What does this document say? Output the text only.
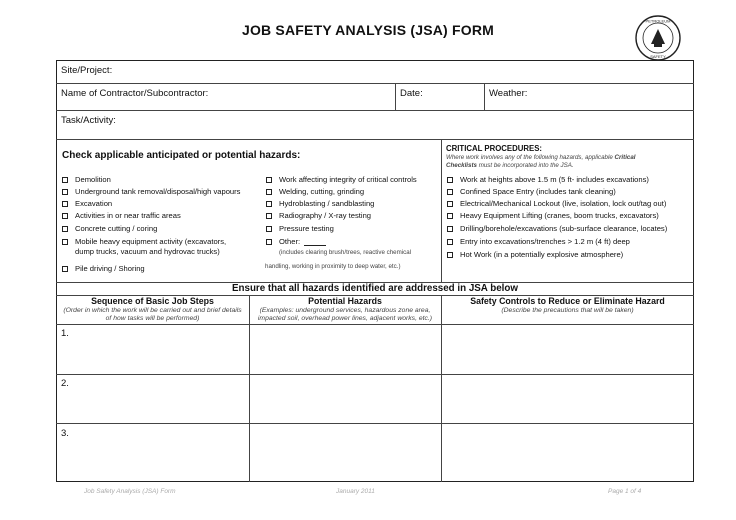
JOB SAFETY ANALYSIS (JSA) FORM
PETROLEUM
SAFETY
Site/Project:
Name of Contractor/Subcontractor:	Date:	Weather:
Task/Activity:
Check applicable anticipated or potential hazards:
Demolition
Underground tank removal/disposal/high vapours
Excavation
Activities in or near traffic areas
Concrete cutting / coring
Mobile heavy equipment activity (excavators,
dump trucks, vacuum and hydrovac trucks)
Pile driving / Shoring
Work affecting integrity of critical controls
Welding, cutting, grinding
Hydroblasting / sandblasting
Radiography / X-ray testing
Pressure testing
Other:
(includes clearing brush/trees, reactive chemical
handling, working in proximity to deep water, etc.)
CRITICAL PROCEDURES:
Where work involves any of the following hazards, applicable Critical
Checklists must be incorporated into the JSA.
Work at heights above 1.5 m (5 ft- includes excavations)
Confined Space Entry (includes tank cleaning)
Electrical/Mechanical Lockout (live, isolation, lock out/tag out)
Heavy Equipment Lifting (cranes, boom trucks, excavators)
Drilling/borehole/excavations (sub-surface clearance, locates)
Entry into excavations/trenches > 1.2 m (4 ft) deep
Hot Work (in a potentially explosive atmosphere)
Ensure that all hazards identified are addressed in JSA below
Sequence of Basic Job Steps
(Order in which the work will be carried out and brief details
of how tasks will be performed)
Potential Hazards
(Examples: underground services, hazardous zone area,
impacted soil, overhead power lines, adjacent works, etc.)
Safety Controls to Reduce or Eliminate Hazard
(Describe the precautions that will be taken)
1.
2.
3.
Job Safety Analysis (JSA) Form	January 2011	Page 1 of 4
